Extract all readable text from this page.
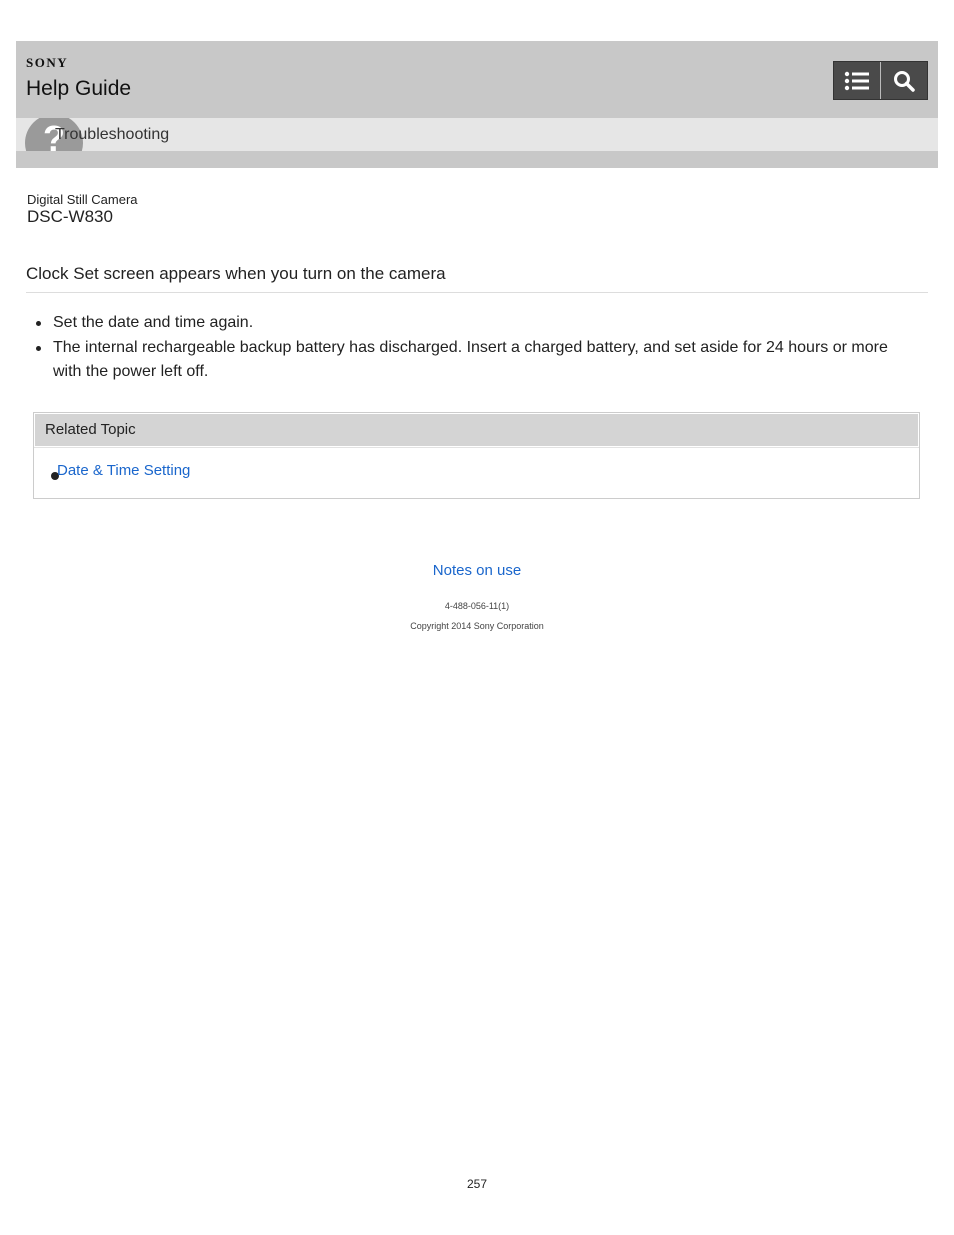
SONY
Help Guide
?
Troubleshooting
Digital Still Camera
DSC-W830
Clock Set screen appears when you turn on the camera
Set the date and time again.
The internal rechargeable backup battery has discharged. Insert a charged battery, and set aside for 24 hours or more with the power left off.
Related Topic
Date & Time Setting
Notes on use
4-488-056-11(1)
Copyright 2014 Sony Corporation
257
